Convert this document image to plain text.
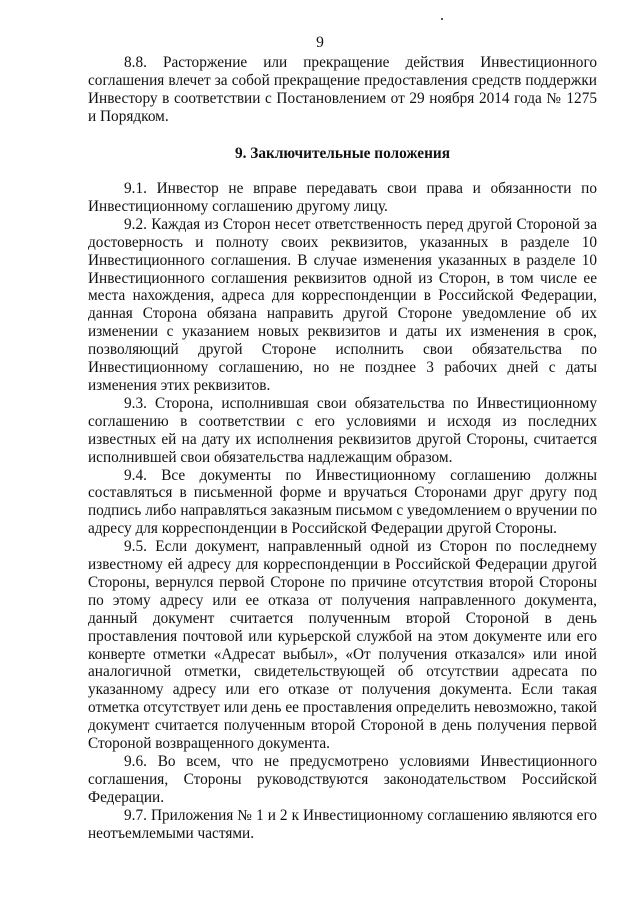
9

8.8. Расторжение или прекращение действия Инвестиционного соглашения влечет за собой прекращение предоставления средств поддержки Инвестору в соответствии с Постановлением от 29 ноября 2014 года № 1275 и Порядком.

9. Заключительные положения

9.1. Инвестор не вправе передавать свои права и обязанности по Инвестиционному соглашению другому лицу.

9.2. Каждая из Сторон несет ответственность перед другой Стороной за достоверность и полноту своих реквизитов, указанных в разделе 10 Инвестиционного соглашения. В случае изменения указанных в разделе 10 Инвестиционного соглашения реквизитов одной из Сторон, в том числе ее места нахождения, адреса для корреспонденции в Российской Федерации, данная Сторона обязана направить другой Стороне уведомление об их изменении с указанием новых реквизитов и даты их изменения в срок, позволяющий другой Стороне исполнить свои обязательства по Инвестиционному соглашению, но не позднее 3 рабочих дней с даты изменения этих реквизитов.

9.3. Сторона, исполнившая свои обязательства по Инвестиционному соглашению в соответствии с его условиями и исходя из последних известных ей на дату их исполнения реквизитов другой Стороны, считается исполнившей свои обязательства надлежащим образом.

9.4. Все документы по Инвестиционному соглашению должны составляться в письменной форме и вручаться Сторонами друг другу под подпись либо направляться заказным письмом с уведомлением о вручении по адресу для корреспонденции в Российской Федерации другой Стороны.

9.5. Если документ, направленный одной из Сторон по последнему известному ей адресу для корреспонденции в Российской Федерации другой Стороны, вернулся первой Стороне по причине отсутствия второй Стороны по этому адресу или ее отказа от получения направленного документа, данный документ считается полученным второй Стороной в день проставления почтовой или курьерской службой на этом документе или его конверте отметки «Адресат выбыл», «От получения отказался» или иной аналогичной отметки, свидетельствующей об отсутствии адресата по указанному адресу или его отказе от получения документа. Если такая отметка отсутствует или день ее проставления определить невозможно, такой документ считается полученным второй Стороной в день получения первой Стороной возвращенного документа.

9.6. Во всем, что не предусмотрено условиями Инвестиционного соглашения, Стороны руководствуются законодательством Российской Федерации.

9.7. Приложения № 1 и 2 к Инвестиционному соглашению являются его неотъемлемыми частями.
